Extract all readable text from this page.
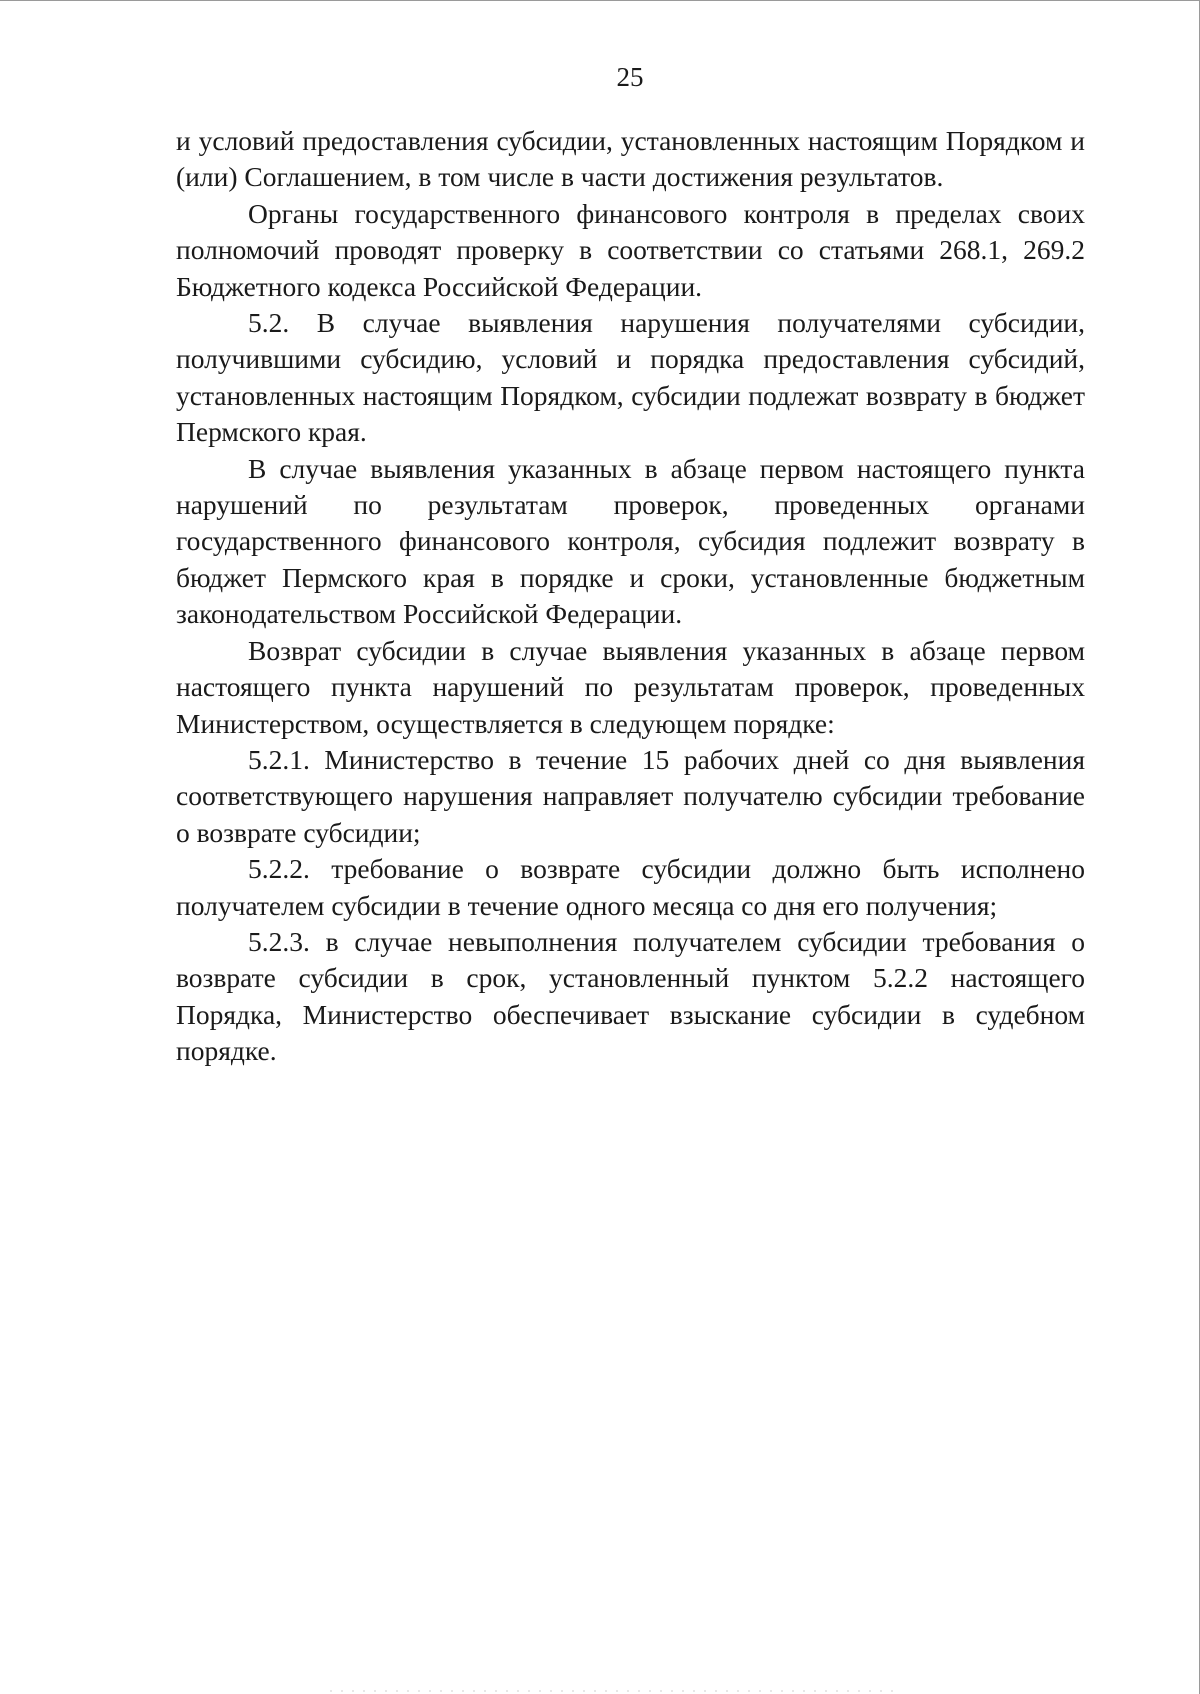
25

и условий предоставления субсидии, установленных настоящим Порядком и (или) Соглашением, в том числе в части достижения результатов.

Органы государственного финансового контроля в пределах своих полномочий проводят проверку в соответствии со статьями 268.1, 269.2 Бюджетного кодекса Российской Федерации.

5.2. В случае выявления нарушения получателями субсидии, получившими субсидию, условий и порядка предоставления субсидий, установленных настоящим Порядком, субсидии подлежат возврату в бюджет Пермского края.

В случае выявления указанных в абзаце первом настоящего пункта нарушений по результатам проверок, проведенных органами государственного финансового контроля, субсидия подлежит возврату в бюджет Пермского края в порядке и сроки, установленные бюджетным законодательством Российской Федерации.

Возврат субсидии в случае выявления указанных в абзаце первом настоящего пункта нарушений по результатам проверок, проведенных Министерством, осуществляется в следующем порядке:

5.2.1. Министерство в течение 15 рабочих дней со дня выявления соответствующего нарушения направляет получателю субсидии требование о возврате субсидии;

5.2.2. требование о возврате субсидии должно быть исполнено получателем субсидии в течение одного месяца со дня его получения;

5.2.3. в случае невыполнения получателем субсидии требования о возврате субсидии в срок, установленный пунктом 5.2.2 настоящего Порядка, Министерство обеспечивает взыскание субсидии в судебном порядке.
